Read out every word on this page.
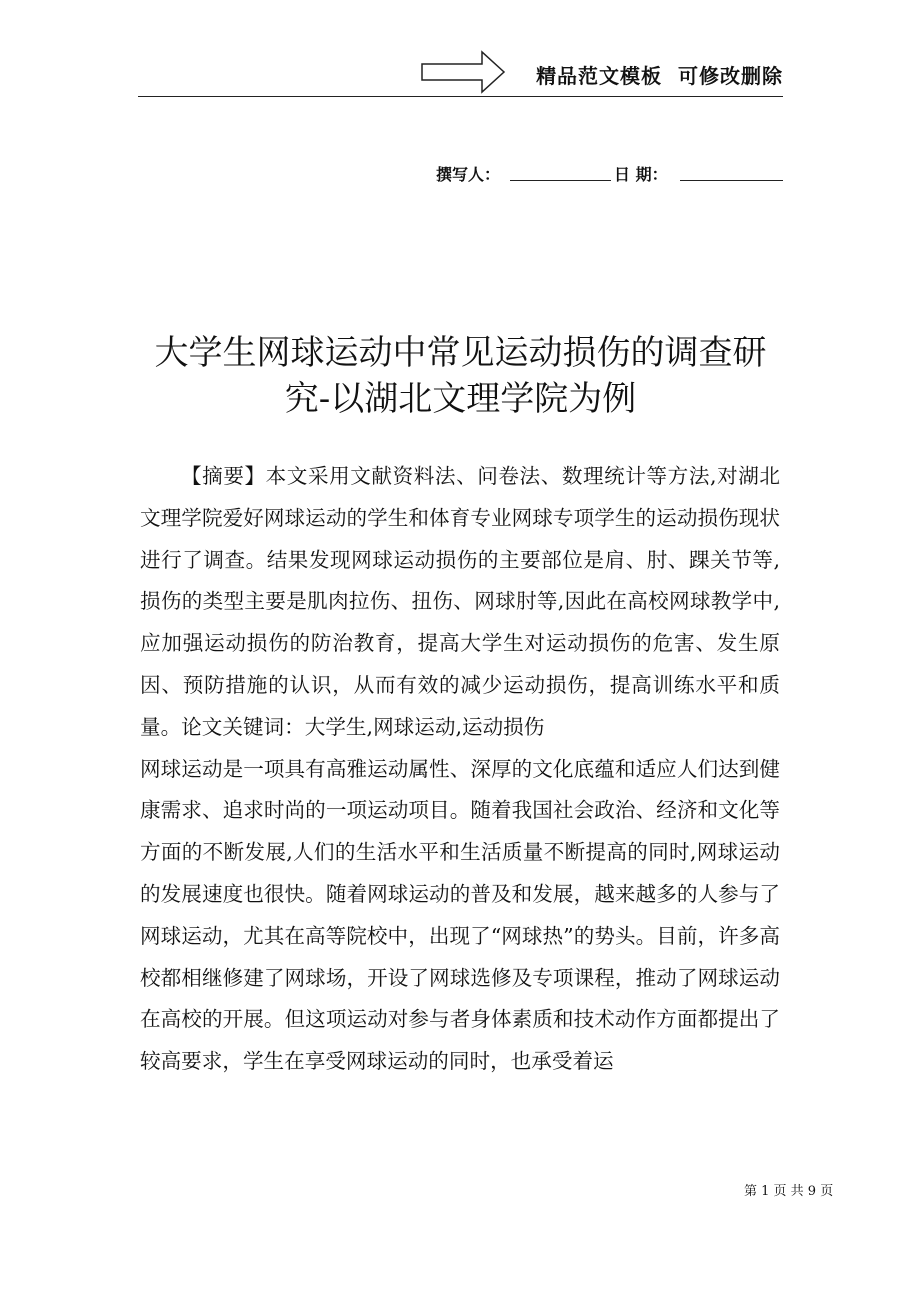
精品范文模板  可修改删除
撰写人：	日 期：
大学生网球运动中常见运动损伤的调查研
究-以湖北文理学院为例

【摘要】本文采用文献资料法、问卷法、数理统计等方法,对湖北文理学院爱好网球运动的学生和体育专业网球专项学生的运动损伤现状进行了调查。结果发现网球运动损伤的主要部位是肩、肘、踝关节等,损伤的类型主要是肌肉拉伤、扭伤、网球肘等,因此在高校网球教学中,应加强运动损伤的防治教育，提高大学生对运动损伤的危害、发生原因、预防措施的认识，从而有效的减少运动损伤，提高训练水平和质量。论文关键词：大学生,网球运动,运动损伤

网球运动是一项具有高雅运动属性、深厚的文化底蕴和适应人们达到健康需求、追求时尚的一项运动项目。随着我国社会政治、经济和文化等方面的不断发展,人们的生活水平和生活质量不断提高的同时,网球运动的发展速度也很快。随着网球运动的普及和发展，越来越多的人参与了网球运动，尤其在高等院校中，出现了“网球热”的势头。目前，许多高校都相继修建了网球场，开设了网球选修及专项课程，推动了网球运动在高校的开展。但这项运动对参与者身体素质和技术动作方面都提出了较高要求，学生在享受网球运动的同时，也承受着运

第 1 页 共 9 页
